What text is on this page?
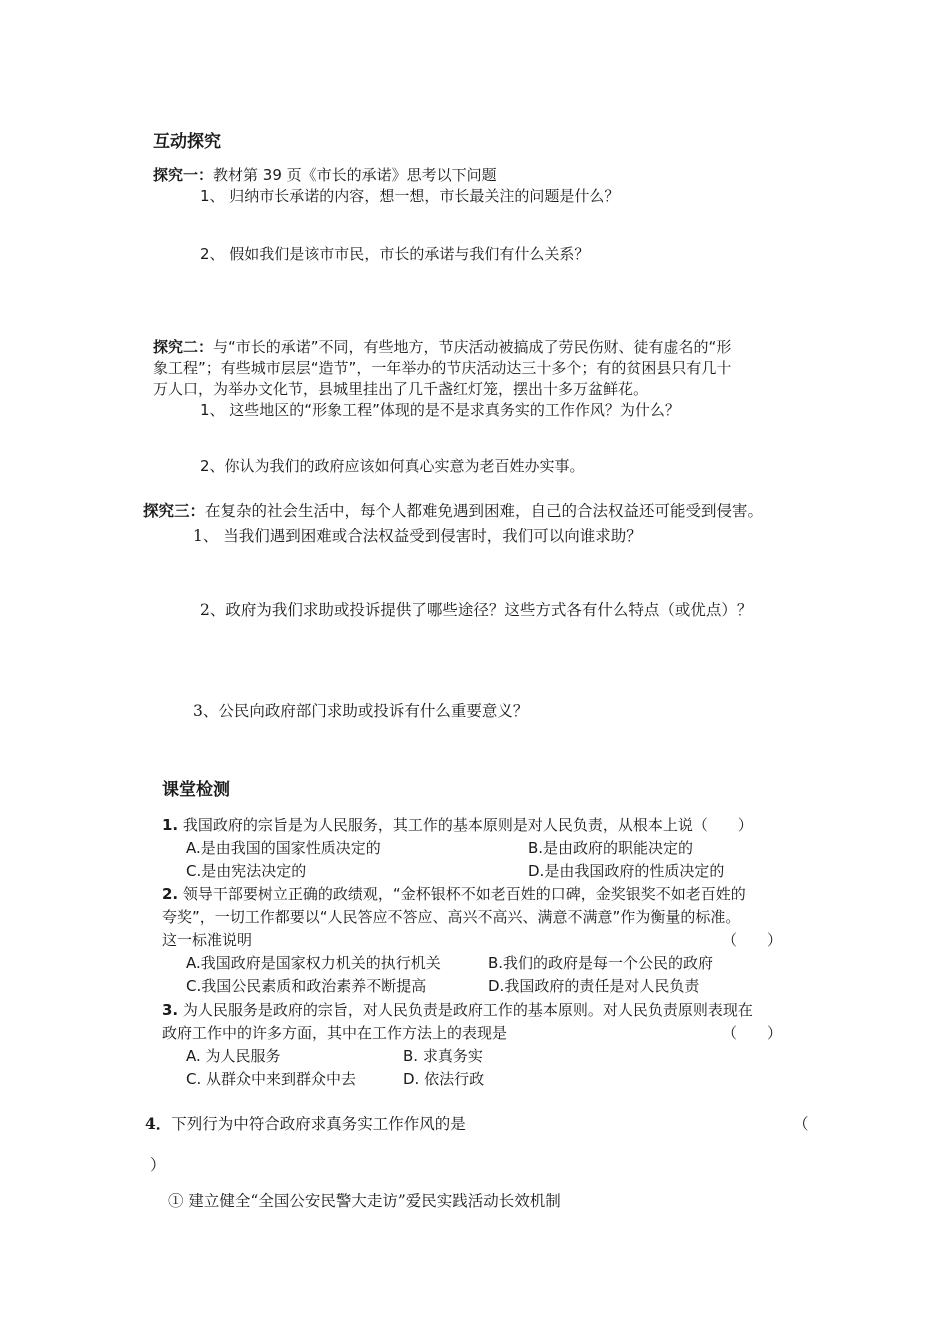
互动探究
探究一：教材第 39 页《市长的承诺》思考以下问题
1、 归纳市长承诺的内容，想一想，市长最关注的问题是什么？
2、 假如我们是该市市民，市长的承诺与我们有什么关系？
探究二：与“市长的承诺”不同，有些地方，节庆活动被搞成了劳民伤财、徒有虚名的“形
象工程”；有些城市层层“造节”，一年举办的节庆活动达三十多个；有的贫困县只有几十
万人口，为举办文化节，县城里挂出了几千盏红灯笼，摆出十多万盆鲜花。
1、 这些地区的“形象工程”体现的是不是求真务实的工作作风？为什么？
2、你认为我们的政府应该如何真心实意为老百姓办实事。
探究三：在复杂的社会生活中，每个人都难免遇到困难，自己的合法权益还可能受到侵害。
1、 当我们遇到困难或合法权益受到侵害时，我们可以向谁求助？
2、政府为我们求助或投诉提供了哪些途径？这些方式各有什么特点（或优点）？
3、公民向政府部门求助或投诉有什么重要意义？
课堂检测
1. 我国政府的宗旨是为人民服务，其工作的基本原则是对人民负责，从根本上说（　　）
A.是由我国的国家性质决定的	B.是由政府的职能决定的
C.是由宪法决定的	D.是由我国政府的性质决定的
2. 领导干部要树立正确的政绩观，“金杯银杯不如老百姓的口碑，金奖银奖不如老百姓的
夸奖”，一切工作都要以“人民答应不答应、高兴不高兴、满意不满意”作为衡量的标准。
这一标准说明	（　　）
A.我国政府是国家权力机关的执行机关	B.我们的政府是每一个公民的政府
C.我国公民素质和政治素养不断提高	D.我国政府的责任是对人民负责
3. 为人民服务是政府的宗旨，对人民负责是政府工作的基本原则。对人民负责原则表现在
政府工作中的许多方面，其中在工作方法上的表现是	（　　）
A. 为人民服务	B. 求真务实
C. 从群众中来到群众中去	D. 依法行政
4．下列行为中符合政府求真务实工作作风的是	（
）
① 建立健全“全国公安民警大走访”爱民实践活动长效机制
